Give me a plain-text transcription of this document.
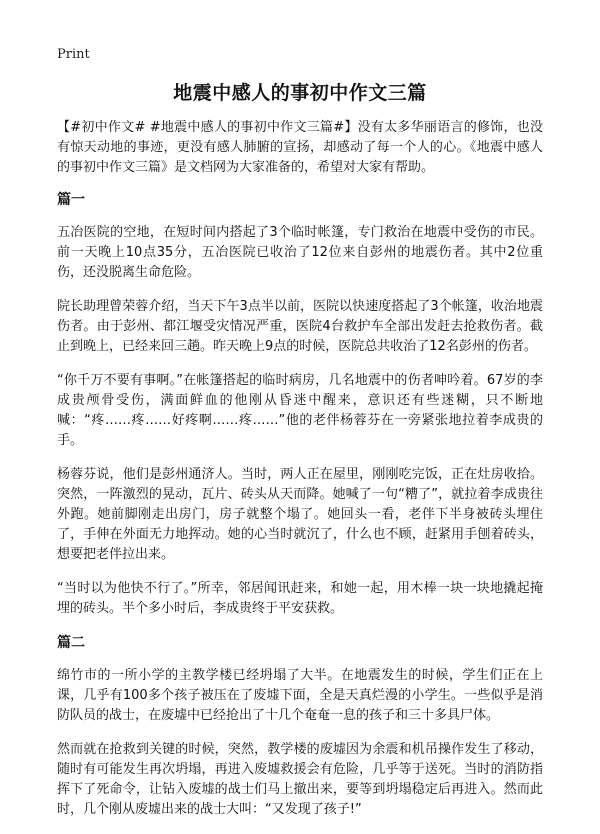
Print
地震中感人的事初中作文三篇

【#初中作文# #地震中感人的事初中作文三篇#】没有太多华丽语言的修饰，也没有惊天动地的事迹，更没有感人肺腑的宣扬，却感动了每一个人的心。《地震中感人的事初中作文三篇》是文档网为大家准备的，希望对大家有帮助。

篇一

五冶医院的空地，在短时间内搭起了3个临时帐篷，专门救治在地震中受伤的市民。前一天晚上10点35分，五冶医院已收治了12位来自彭州的地震伤者。其中2位重伤，还没脱离生命危险。

院长助理曾荣蓉介绍，当天下午3点半以前，医院以快速度搭起了3个帐篷，收治地震伤者。由于彭州、都江堰受灾情况严重，医院4台救护车全部出发赶去抢救伤者。截止到晚上，已经来回三趟。昨天晚上9点的时候，医院总共收治了12名彭州的伤者。

“你千万不要有事啊。”在帐篷搭起的临时病房，几名地震中的伤者呻吟着。67岁的李成贵颅骨受伤，满面鲜血的他刚从昏迷中醒来，意识还有些迷糊，只不断地喊：“疼……疼……好疼啊……疼……”他的老伴杨蓉芬在一旁紧张地拉着李成贵的手。

杨蓉芬说，他们是彭州通济人。当时，两人正在屋里，刚刚吃完饭，正在灶房收拾。突然，一阵激烈的晃动，瓦片、砖头从天而降。她喊了一句“糟了”，就拉着李成贵往外跑。她前脚刚走出房门，房子就整个塌了。她回头一看，老伴下半身被砖头埋住了，手伸在外面无力地挥动。她的心当时就沉了，什么也不顾，赶紧用手刨着砖头，想要把老伴拉出来。

“当时以为他快不行了。”所幸，邻居闻讯赶来，和她一起，用木棒一块一块地撬起掩埋的砖头。半个多小时后，李成贵终于平安获救。

篇二

绵竹市的一所小学的主教学楼已经坍塌了大半。在地震发生的时候，学生们正在上课，几乎有100多个孩子被压在了废墟下面，全是天真烂漫的小学生。一些似乎是消防队员的战士，在废墟中已经抢出了十几个奄奄一息的孩子和三十多具尸体。

然而就在抢救到关键的时候，突然，教学楼的废墟因为余震和机吊操作发生了移动，随时有可能发生再次坍塌，再进入废墟救援会有危险，几乎等于送死。当时的消防指挥下了死命令，让钻入废墟的战士们马上撤出来，要等到坍塌稳定后再进入。然而此时，几个刚从废墟出来的战士大叫：“又发现了孩子!”
